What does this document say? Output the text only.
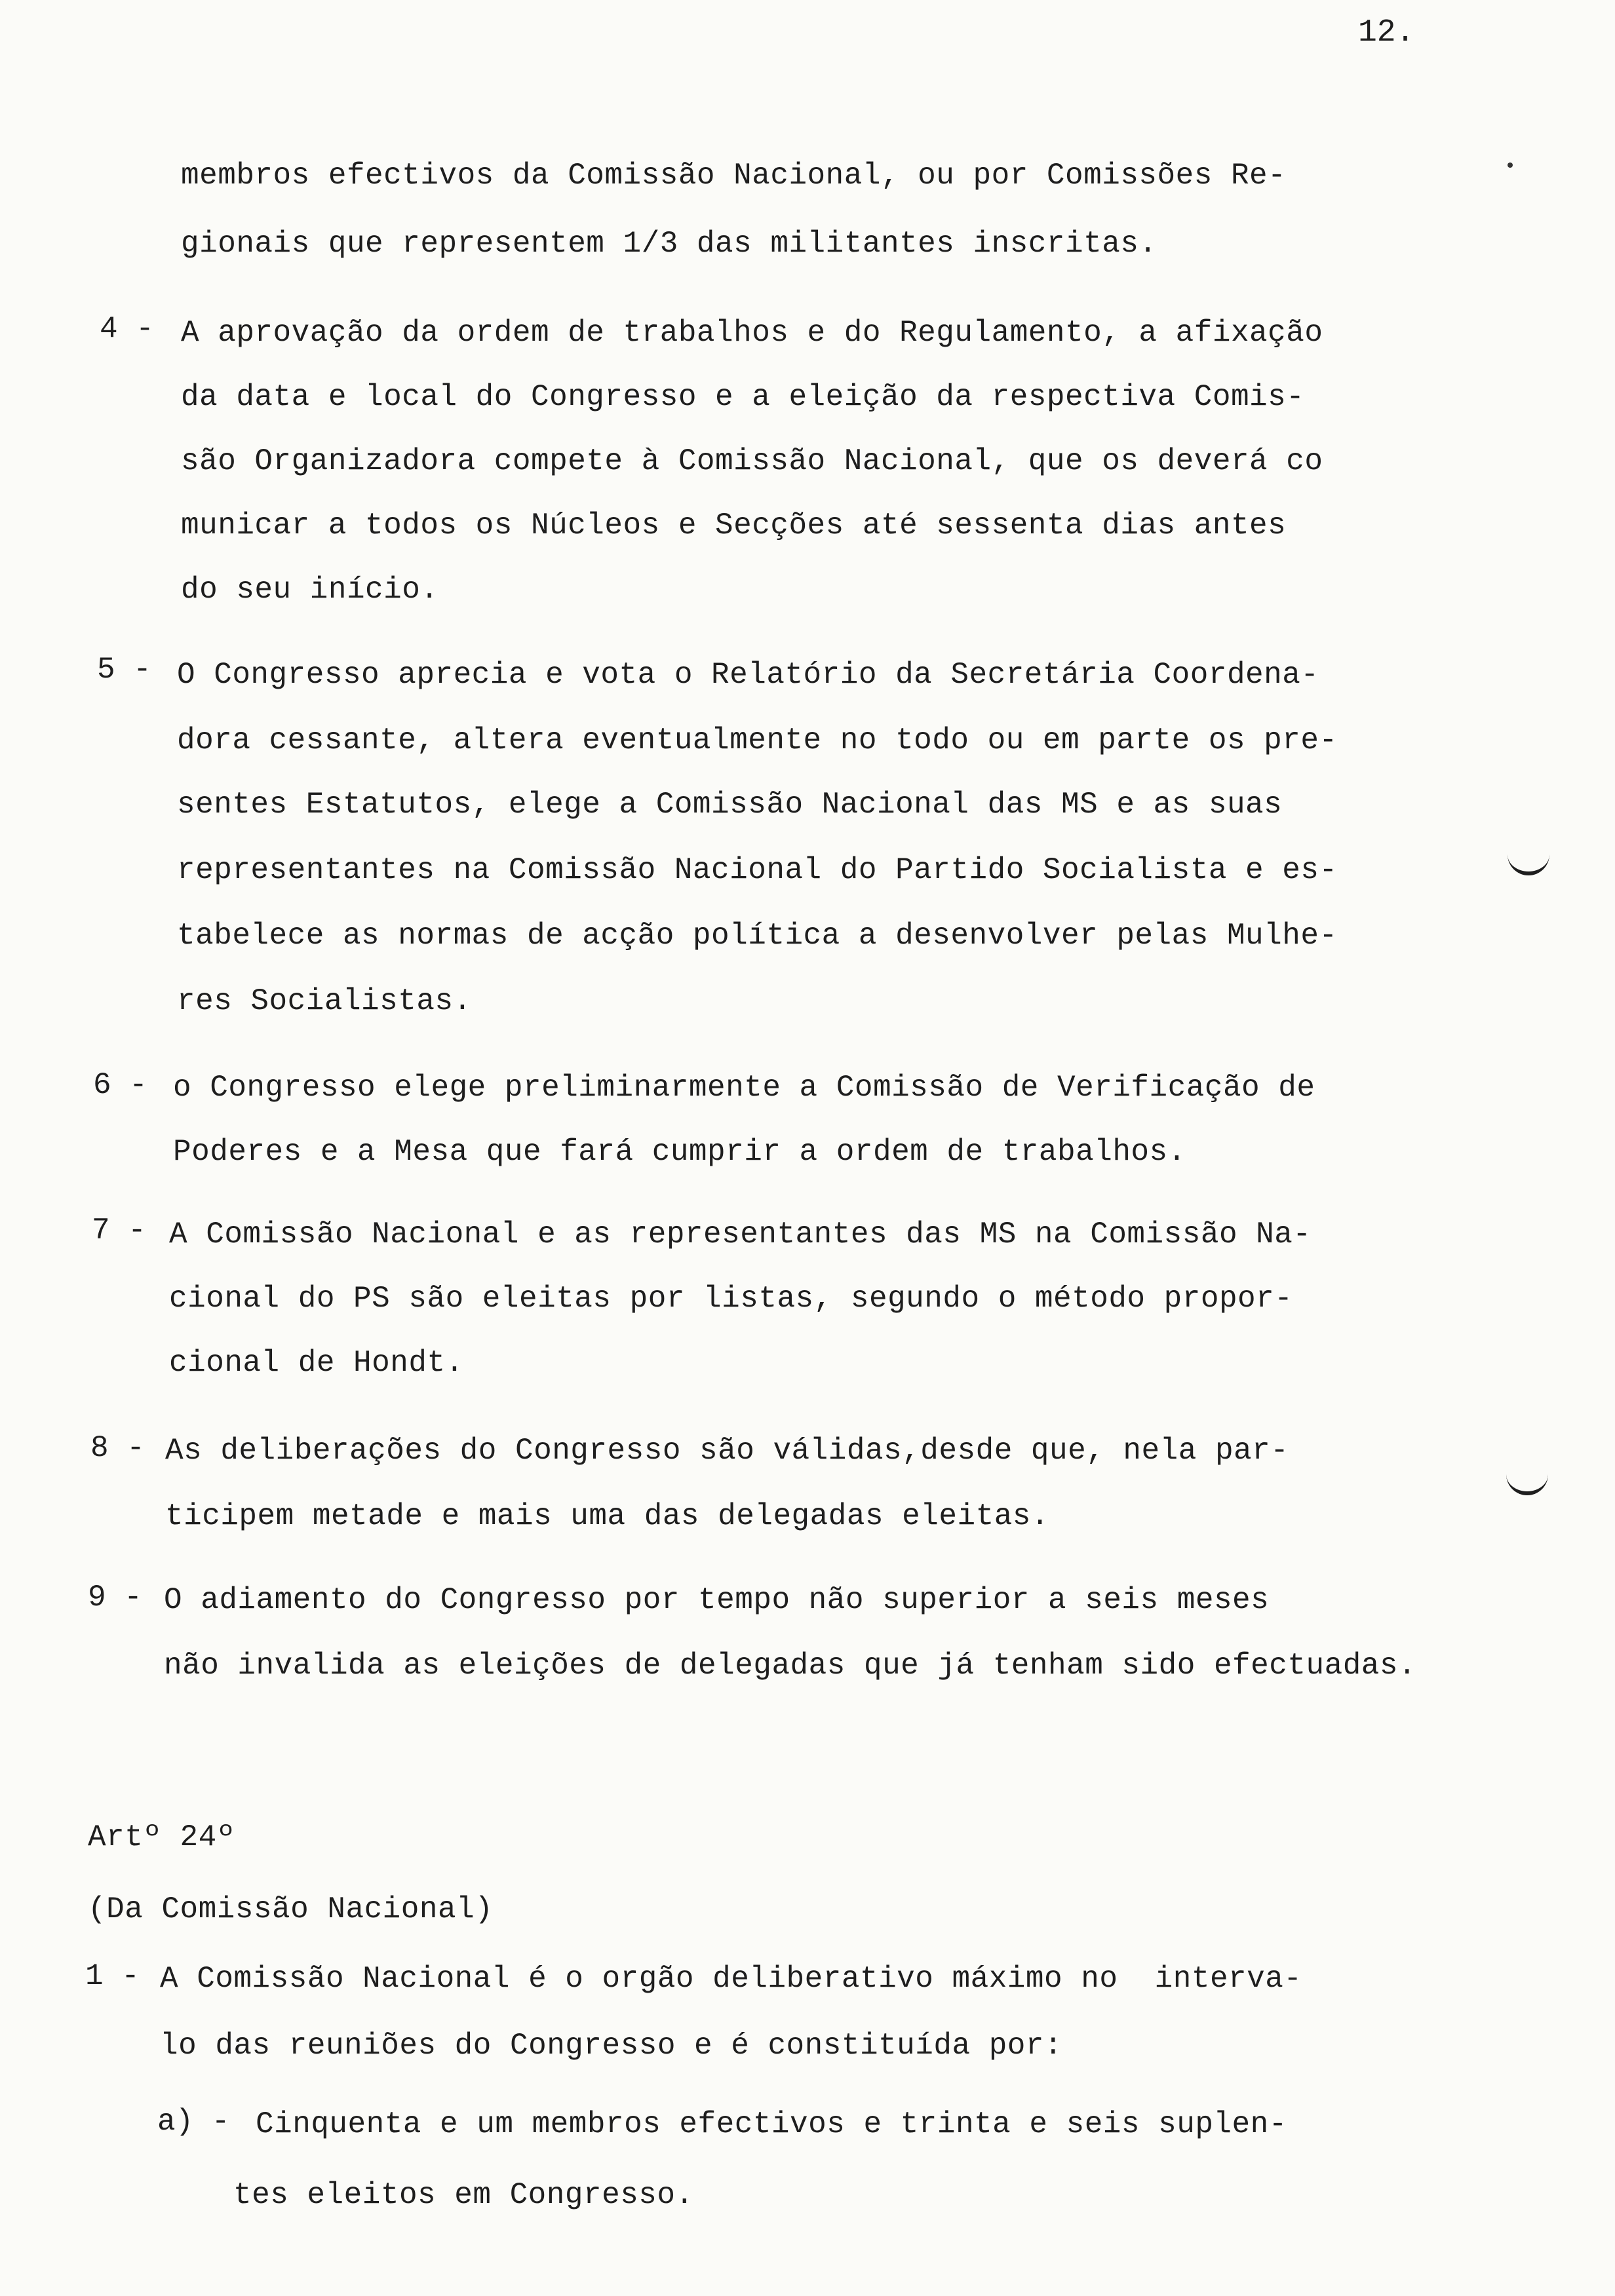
12.
membros efectivos da Comissão Nacional, ou por Comissões Re-
gionais que representem 1/3 das militantes inscritas.
4 - A aprovação da ordem de trabalhos e do Regulamento, a afixação
da data e local do Congresso e a eleição da respectiva Comis-
são Organizadora compete à Comissão Nacional, que os deverá co
municar a todos os Núcleos e Secções até sessenta dias antes
do seu início.
5 - O Congresso aprecia e vota o Relatório da Secretária Coordena-
dora cessante, altera eventualmente no todo ou em parte os pre-
sentes Estatutos, elege a Comissão Nacional das MS e as suas
representantes na Comissão Nacional do Partido Socialista e es-
tabelece as normas de acção política a desenvolver pelas Mulhe-
res Socialistas.
6 - o Congresso elege preliminarmente a Comissão de Verificação de
Poderes e a Mesa que fará cumprir a ordem de trabalhos.
7 - A Comissão Nacional e as representantes das MS na Comissão Na-
cional do PS são eleitas por listas, segundo o método propor-
cional de Hondt.
8 - As deliberações do Congresso são válidas,desde que, nela par-
ticipem metade e mais uma das delegadas eleitas.
9 - O adiamento do Congresso por tempo não superior a seis meses
não invalida as eleições de delegadas que já tenham sido efectuadas.
Artº 24º
(Da Comissão Nacional)
1 - A Comissão Nacional é o orgão deliberativo máximo no  interva-
lo das reuniões do Congresso e é constituída por:
a) - Cinquenta e um membros efectivos e trinta e seis suplen-
tes eleitos em Congresso.
